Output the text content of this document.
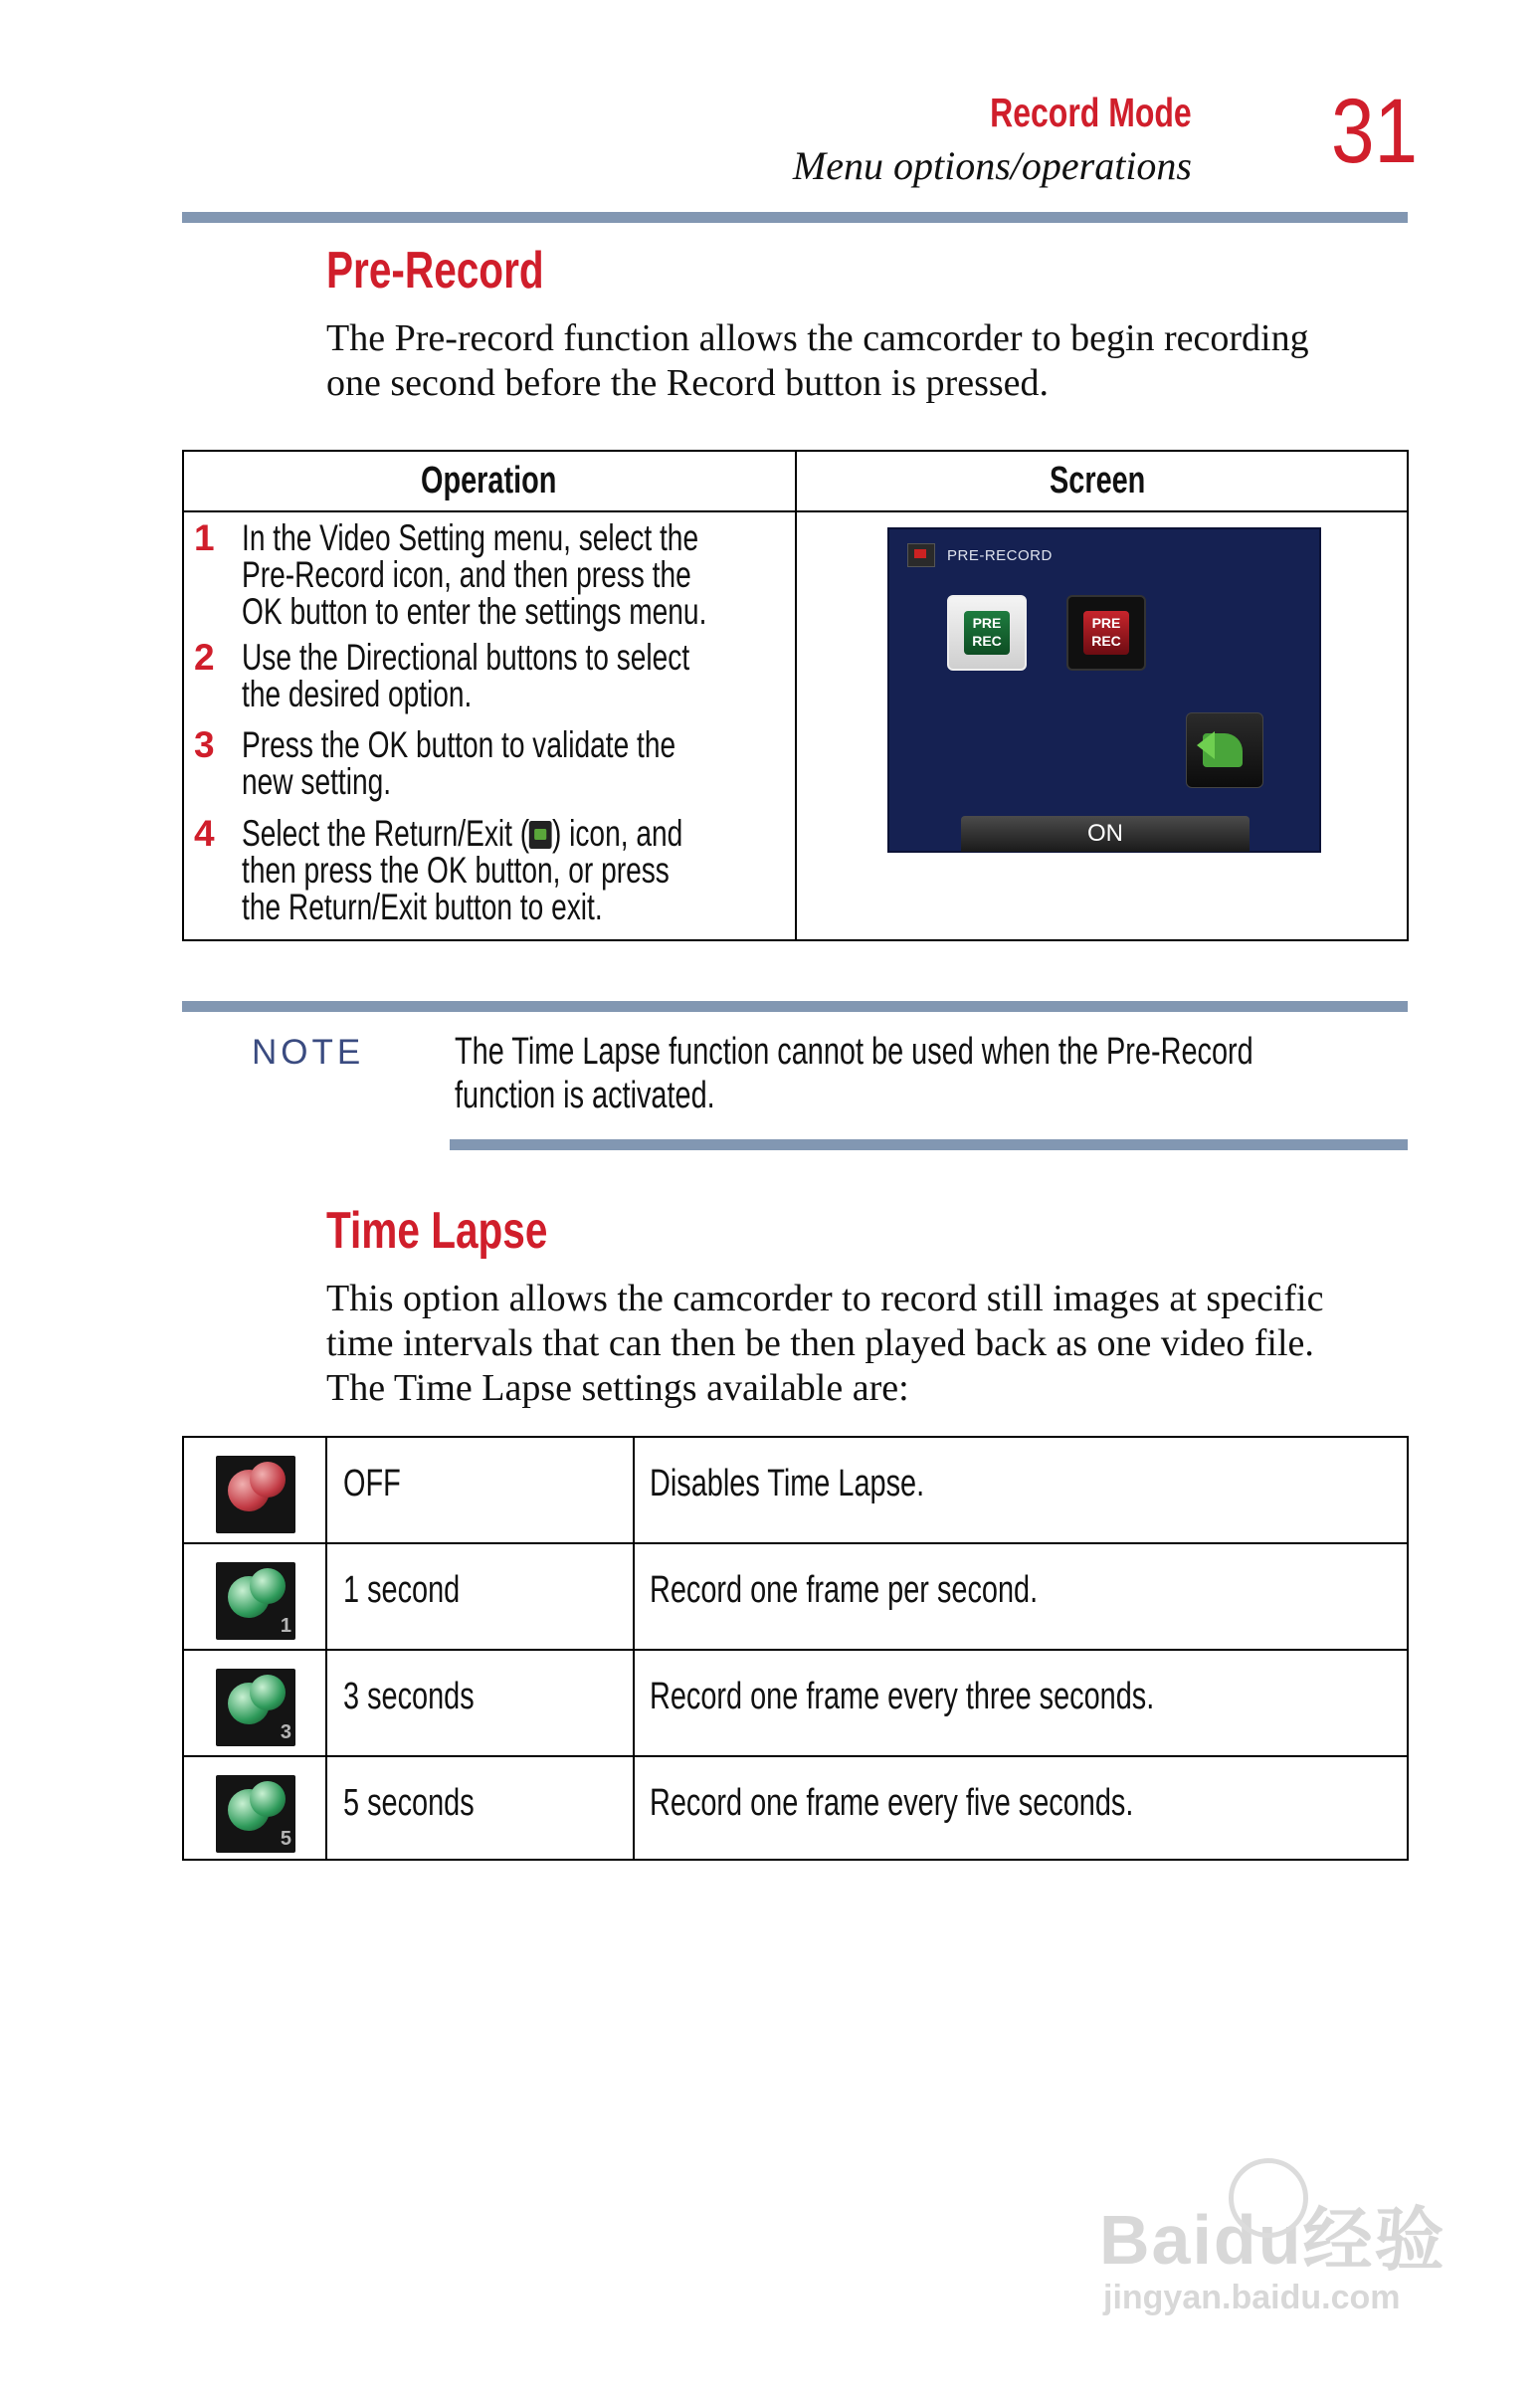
Record Mode
Menu options/operations 31
Pre-Record
The Pre-record function allows the camcorder to begin recording
one second before the Record button is pressed.
Operation	Screen
1 In the Video Setting menu, select the
Pre-Record icon, and then press the
OK button to enter the settings menu.
2 Use the Directional buttons to select
the desired option.
3 Press the OK button to validate the
new setting.
4 Select the Return/Exit ( ) icon, and
then press the OK button, or press
the Return/Exit button to exit.
PRE-RECORD
PRE
REC
PRE
REC
ON
NOTE The Time Lapse function cannot be used when the Pre-Record
function is activated.
Time Lapse
This option allows the camcorder to record still images at specific
time intervals that can then be then played back as one video file.
The Time Lapse settings available are:
OFF	Disables Time Lapse.
1
1 second	Record one frame per second.
3
3 seconds	Record one frame every three seconds.
5
5 seconds	Record one frame every five seconds.
Baidu经验
jingyan.baidu.com
